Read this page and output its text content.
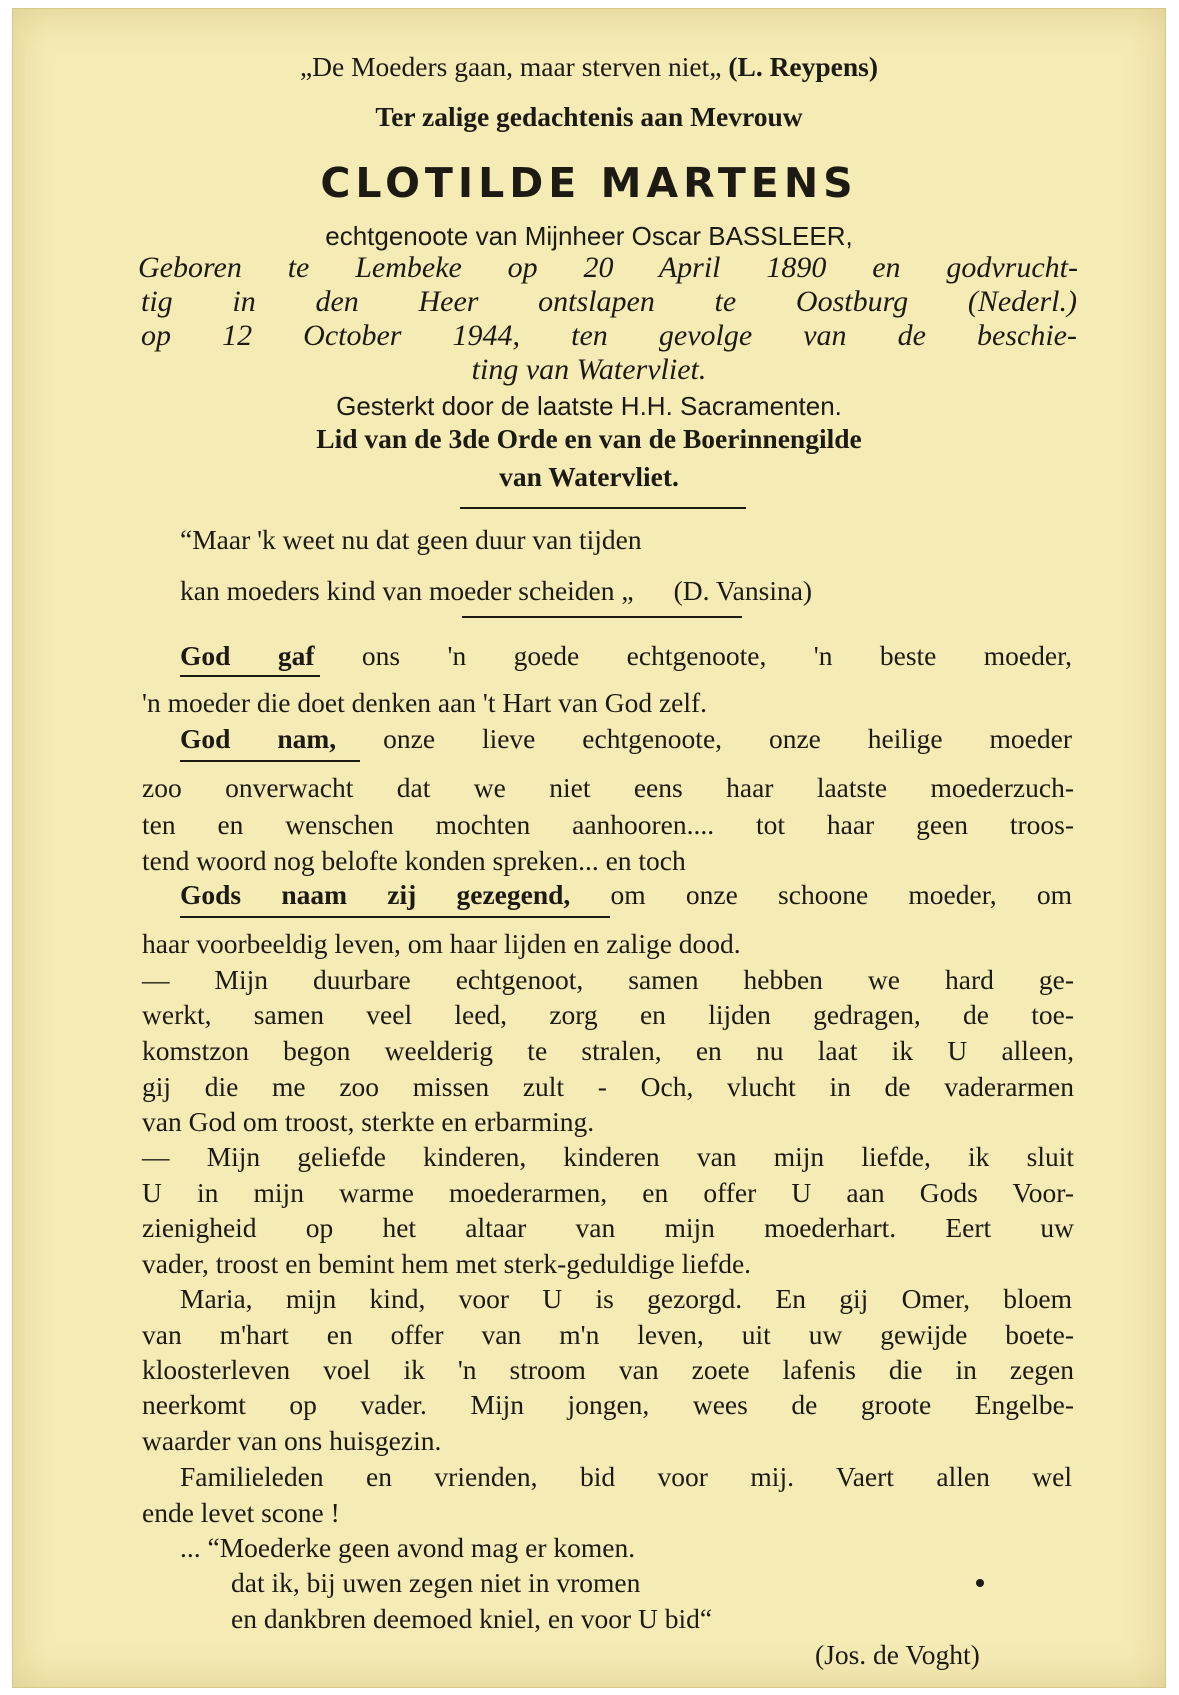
„De Moeders gaan, maar sterven niet„ (L. Reypens)
Ter zalige gedachtenis aan Mevrouw
CLOTILDE MARTENS
echtgenoote van Mijnheer Oscar BASSLEER,
Geboren te Lembeke op 20 April 1890 en godvrucht-
tig in den Heer ontslapen te Oostburg (Nederl.)
op 12 October 1944, ten gevolge van de beschie-
ting van Watervliet.
Gesterkt door de laatste H.H. Sacramenten.
Lid van de 3de Orde en van de Boerinnengilde
van Watervliet.
“Maar 'k weet nu dat geen duur van tijden
kan moeders kind van moeder scheiden „ (D. Vansina)
God gaf ons 'n goede echtgenoote, 'n beste moeder,
'n moeder die doet denken aan 't Hart van God zelf.
God nam, onze lieve echtgenoote, onze heilige moeder
zoo onverwacht dat we niet eens haar laatste moederzuch-
ten en wenschen mochten aanhooren.... tot haar geen troos-
tend woord nog belofte konden spreken... en toch
Gods naam zij gezegend, om onze schoone moeder, om
haar voorbeeldig leven, om haar lijden en zalige dood.
— Mijn duurbare echtgenoot, samen hebben we hard ge-
werkt, samen veel leed, zorg en lijden gedragen, de toe-
komstzon begon weelderig te stralen, en nu laat ik U alleen,
gij die me zoo missen zult - Och, vlucht in de vaderarmen
van God om troost, sterkte en erbarming.
— Mijn geliefde kinderen, kinderen van mijn liefde, ik sluit
U in mijn warme moederarmen, en offer U aan Gods Voor-
zienigheid op het altaar van mijn moederhart. Eert uw
vader, troost en bemint hem met sterk-geduldige liefde.
Maria, mijn kind, voor U is gezorgd. En gij Omer, bloem
van m'hart en offer van m'n leven, uit uw gewijde boete-
kloosterleven voel ik 'n stroom van zoete lafenis die in zegen
neerkomt op vader. Mijn jongen, wees de groote Engelbe-
waarder van ons huisgezin.
Familieleden en vrienden, bid voor mij. Vaert allen wel
ende levet scone !
... “Moederke geen avond mag er komen.
dat ik, bij uwen zegen niet in vromen
en dankbren deemoed kniel, en voor U bid“
(Jos. de Voght)
